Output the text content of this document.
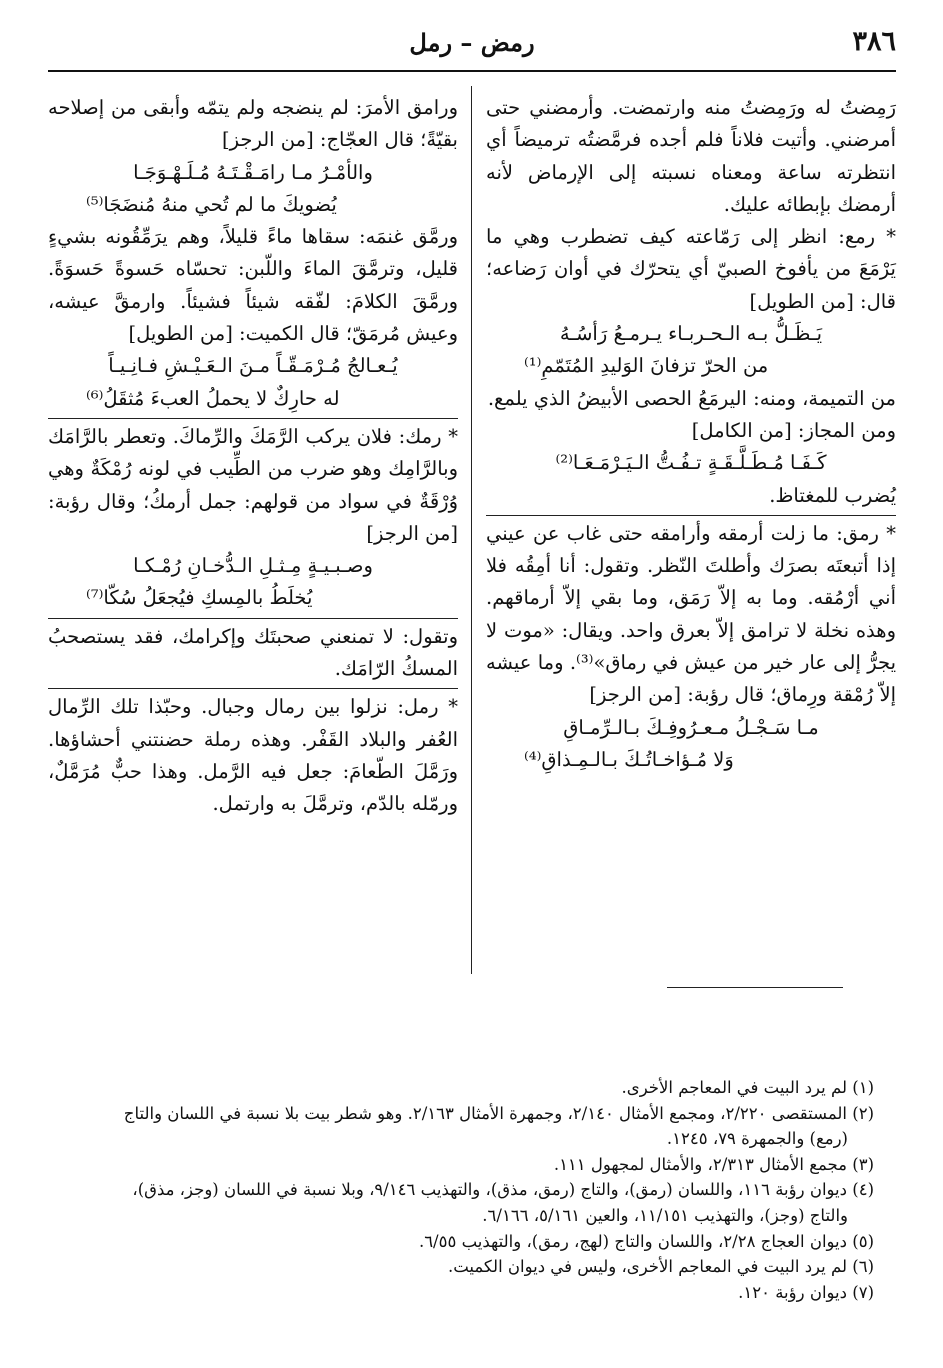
٣٨٦
رمض – رمل

رَمِضتُ له ورَمِضتُ منه وارتمضت. وأرمضني حتى أمرضني. وأتيت فلاناً فلم أجده فرمَّضتُه ترميضاً أي انتظرته ساعة ومعناه نسبته إلى الإرماض لأنه أرمضك بإبطائه عليك.

* رمع: انظر إلى رَمّاعته كيف تضطرب وهي ما يَرْمَعَ من يأفوخ الصبيّ أي يتحرّك في أوان رَضاعه؛ قال: [من الطويل]

يَـظَـلُّ بـه الـحـربـاء يـرمـعُ رَأسُـهُ

من الحرّ تزفانَ الوَليدِ المُتَمّمِ⁽¹⁾

من التميمة، ومنه: اليرمَعُ الحصى الأبيضُ الذي يلمع.

ومن المجاز: [من الكامل]

كَـفَـا مُـطَـلَّـقَـةٍ تـفُـتُّ الـيَـرْمَـعَـا⁽²⁾

يُضرب للمغتاظ.

* رمق: ما زلت أرمقه وأرامقه حتى غاب عن عيني إذا أتبعتَه بصرَك وأطلتَ النّظر. وتقول: أنا أمِقُه فلا أني أرْمُقه. وما به إلاّ رَمَق، وما بقي إلاّ أرماقهم. وهذه نخلة لا ترامق إلاّ بعرق واحد. ويقال: «موت لا يجرُّ إلى عار خير من عيش في رماق»⁽³⁾. وما عيشه إلاّ رُمْقة ورِماق؛ قال رؤبة: [من الرجز]

مـا سَـجْـلُ مـعـرُوفِـكَ بـالـرِّمـاقِ

وَلا مُـؤاخـاتُـكَ بـالـمِـذاقِ⁽⁴⁾

ورامق الأمرَ: لم ينضجه ولم يتمّه وأبقى من إصلاحه بقيّةً؛ قال العجّاج: [من الرجز]

والأمْـرُ مـا رامَـقْـتَـهُ مُـلَـهْـوَجَـا

يُضويكَ ما لم تُحي منهُ مُنضَجَا⁽⁵⁾

ورمَّق غنمَه: سقاها ماءً قليلاً، وهم يرَمِّقُونه بشيءٍ قليل، وترمَّقَ الماءَ واللّبن: تحسّاه حَسوةً حَسوَةً. ورمَّقَ الكلامَ: لفّقه شيئاً فشيئاً. وارمقَّ عيشه، وعيش مُرمَقّ؛ قال الكميت: [من الطويل]

يُـعـالجُ مُـرْمَـقّـاً مـنَ الـعَـيْـشِ فـانِـيـاً

له حارِكٌ لا يحملُ العبءَ مُثقَلُ⁽⁶⁾

* رمك: فلان يركب الرَّمَكَ والرِّماكَ. وتعطر بالرَّامَك وبالرَّامِك وهو ضرب من الطِّيب في لونه رُمْكَةٌ وهي وُرْقَةٌ في سواد من قولهم: جمل أرمكُ؛ وقال رؤبة: [من الرجز]

وصـبـيـةٍ مِـثـلِ الـدُّخـانِ رُمْـكـا

يُخلَطُ بالمِسكِ فيُجعَلُ سُكّا⁽⁷⁾

وتقول: لا تمنعني صحبتَك وإكرامك، فقد يستصحبُ المسكُ الرّامَك.

* رمل: نزلوا بين رمال وجبال. وحبّذا تلك الرِّمال العُفر والبلاد القَفْر. وهذه رملة حضنتني أحشاؤها. ورَمَّلَ الطّعامَ: جعل فيه الرَّمل. وهذا حبٌّ مُرَمَّلٌ، ورمّله بالدّم، وترمَّلَ به وارتمل.

(١) لم يرد البيت في المعاجم الأخرى.
(٢) المستقصى ٢/٢٢٠، ومجمع الأمثال ٢/١٤٠، وجمهرة الأمثال ٢/١٦٣. وهو شطر بيت بلا نسبة في اللسان والتاج
(رمع) والجمهرة ٧٩، ١٢٤٥.
(٣) مجمع الأمثال ٢/٣١٣، والأمثال لمجهول ١١١.
(٤) ديوان رؤبة ١١٦، واللسان (رمق)، والتاج (رمق، مذق)، والتهذيب ٩/١٤٦، وبلا نسبة في اللسان (وجز، مذق)،
والتاج (وجز)، والتهذيب ١١/١٥١، والعين ٥/١٦١، ٦/١٦٦.
(٥) ديوان العجاج ٢/٢٨، واللسان والتاج (لهج، رمق)، والتهذيب ٦/٥٥.
(٦) لم يرد البيت في المعاجم الأخرى، وليس في ديوان الكميت.
(٧) ديوان رؤبة ١٢٠.
